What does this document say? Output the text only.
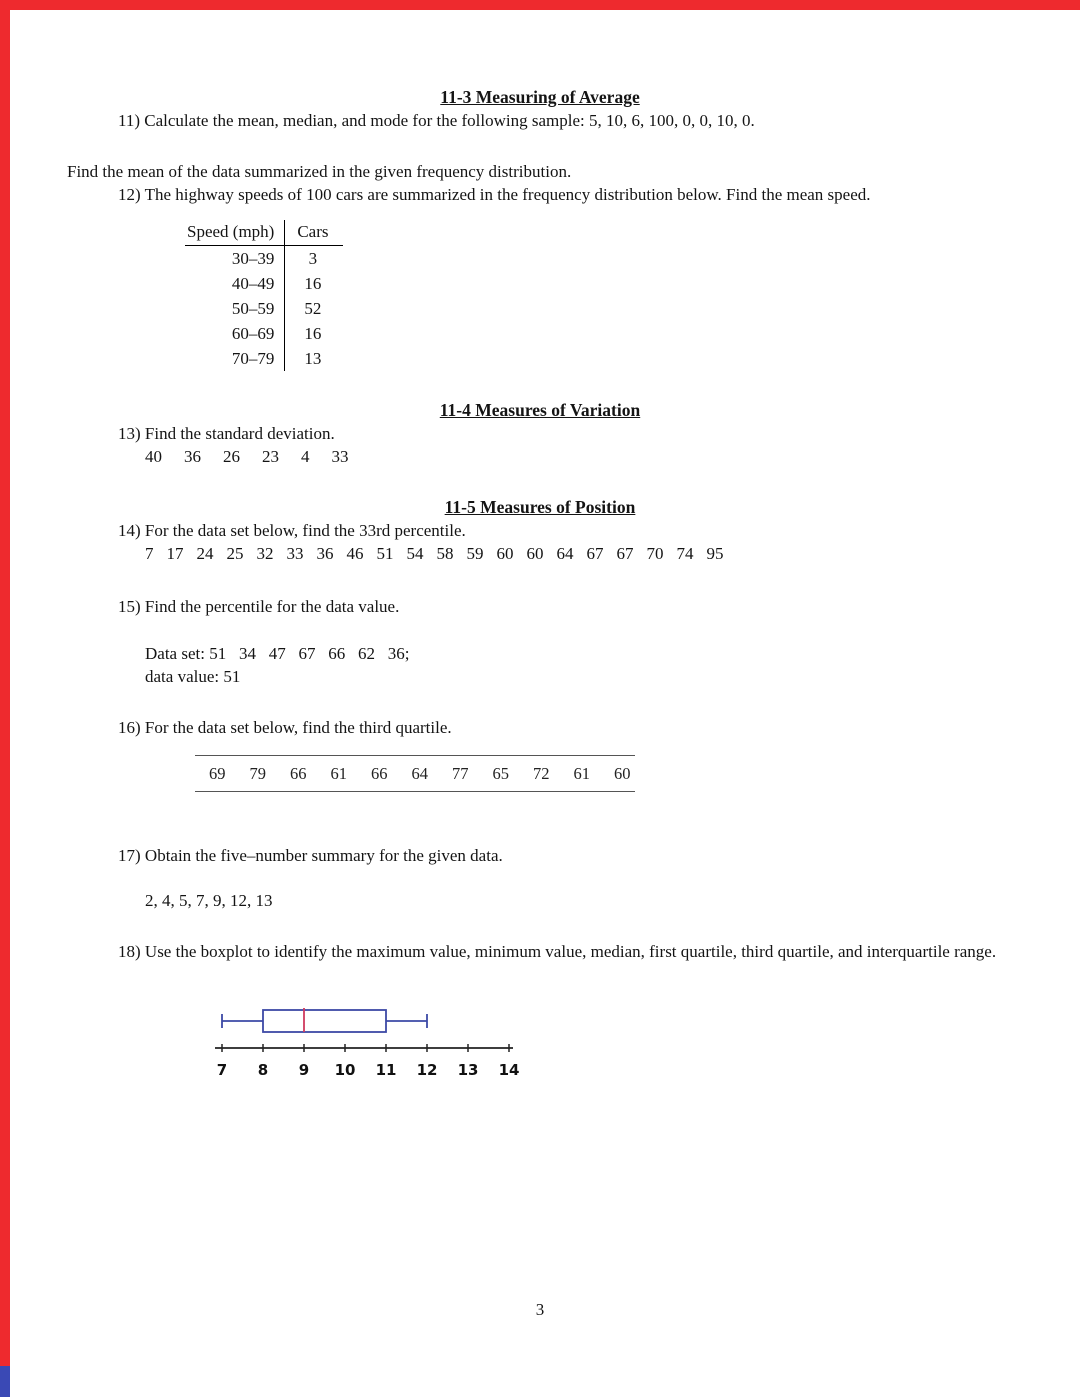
11-3 Measuring of Average

11) Calculate the mean, median, and mode for the following sample: 5, 10, 6, 100, 0, 0, 10, 0.

Find the mean of the data summarized in the given frequency distribution.

12) The highway speeds of 100 cars are summarized in the frequency distribution below. Find the mean speed.

Speed (mph)	Cars
30–39	3
40–49	16
50–59	52
60–69	16
70–79	13

11-4 Measures of Variation

13) Find the standard deviation.

40 36 26 23 4 33

11-5 Measures of Position

14) For the data set below, find the 33rd percentile.

7 17 24 25 32 33 36 46 51 54 58 59 60 60 64 67 67 70 74 95

15) Find the percentile for the data value.

Data set: 51   34   47   67   66   62   36;

data value: 51

16) For the data set below, find the third quartile.

69 79 66 61 66 64 77 65 72 61 60

17) Obtain the five–number summary for the given data.

2, 4, 5, 7, 9, 12, 13

18) Use the boxplot to identify the maximum value, minimum value, median, first quartile, third quartile, and interquartile range.

7 8 9 10 11 12 13 14
3
